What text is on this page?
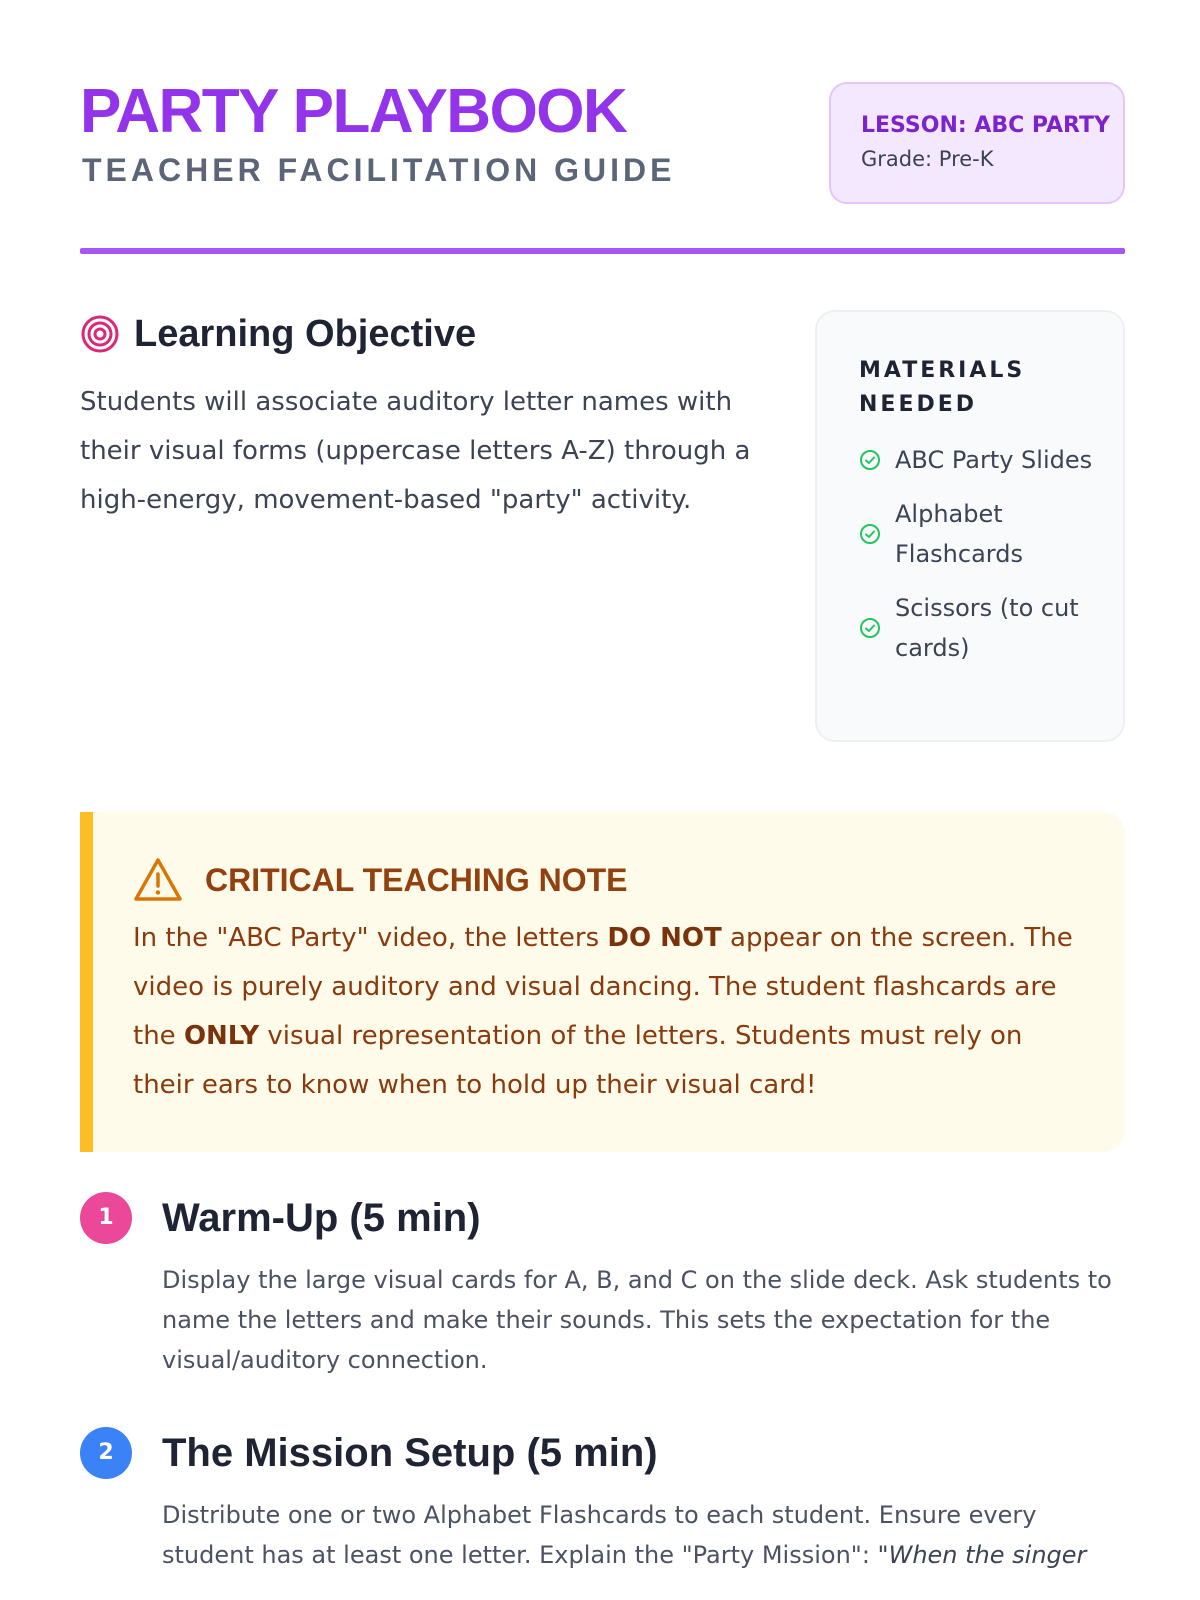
PARTY PLAYBOOK
TEACHER FACILITATION GUIDE
LESSON: ABC PARTY
Grade: Pre-K
Learning Objective
Students will associate auditory letter names with their visual forms (uppercase letters A-Z) through a high-energy, movement-based "party" activity.
MATERIALS NEEDED
ABC Party Slides
Alphabet Flashcards
Scissors (to cut cards)
CRITICAL TEACHING NOTE
In the "ABC Party" video, the letters DO NOT appear on the screen. The video is purely auditory and visual dancing. The student flashcards are the ONLY visual representation of the letters. Students must rely on their ears to know when to hold up their visual card!
1	Warm-Up (5 min)
Display the large visual cards for A, B, and C on the slide deck. Ask students to name the letters and make their sounds. This sets the expectation for the visual/auditory connection.
2	The Mission Setup (5 min)
Distribute one or two Alphabet Flashcards to each student. Ensure every student has at least one letter. Explain the "Party Mission": "When the singer
